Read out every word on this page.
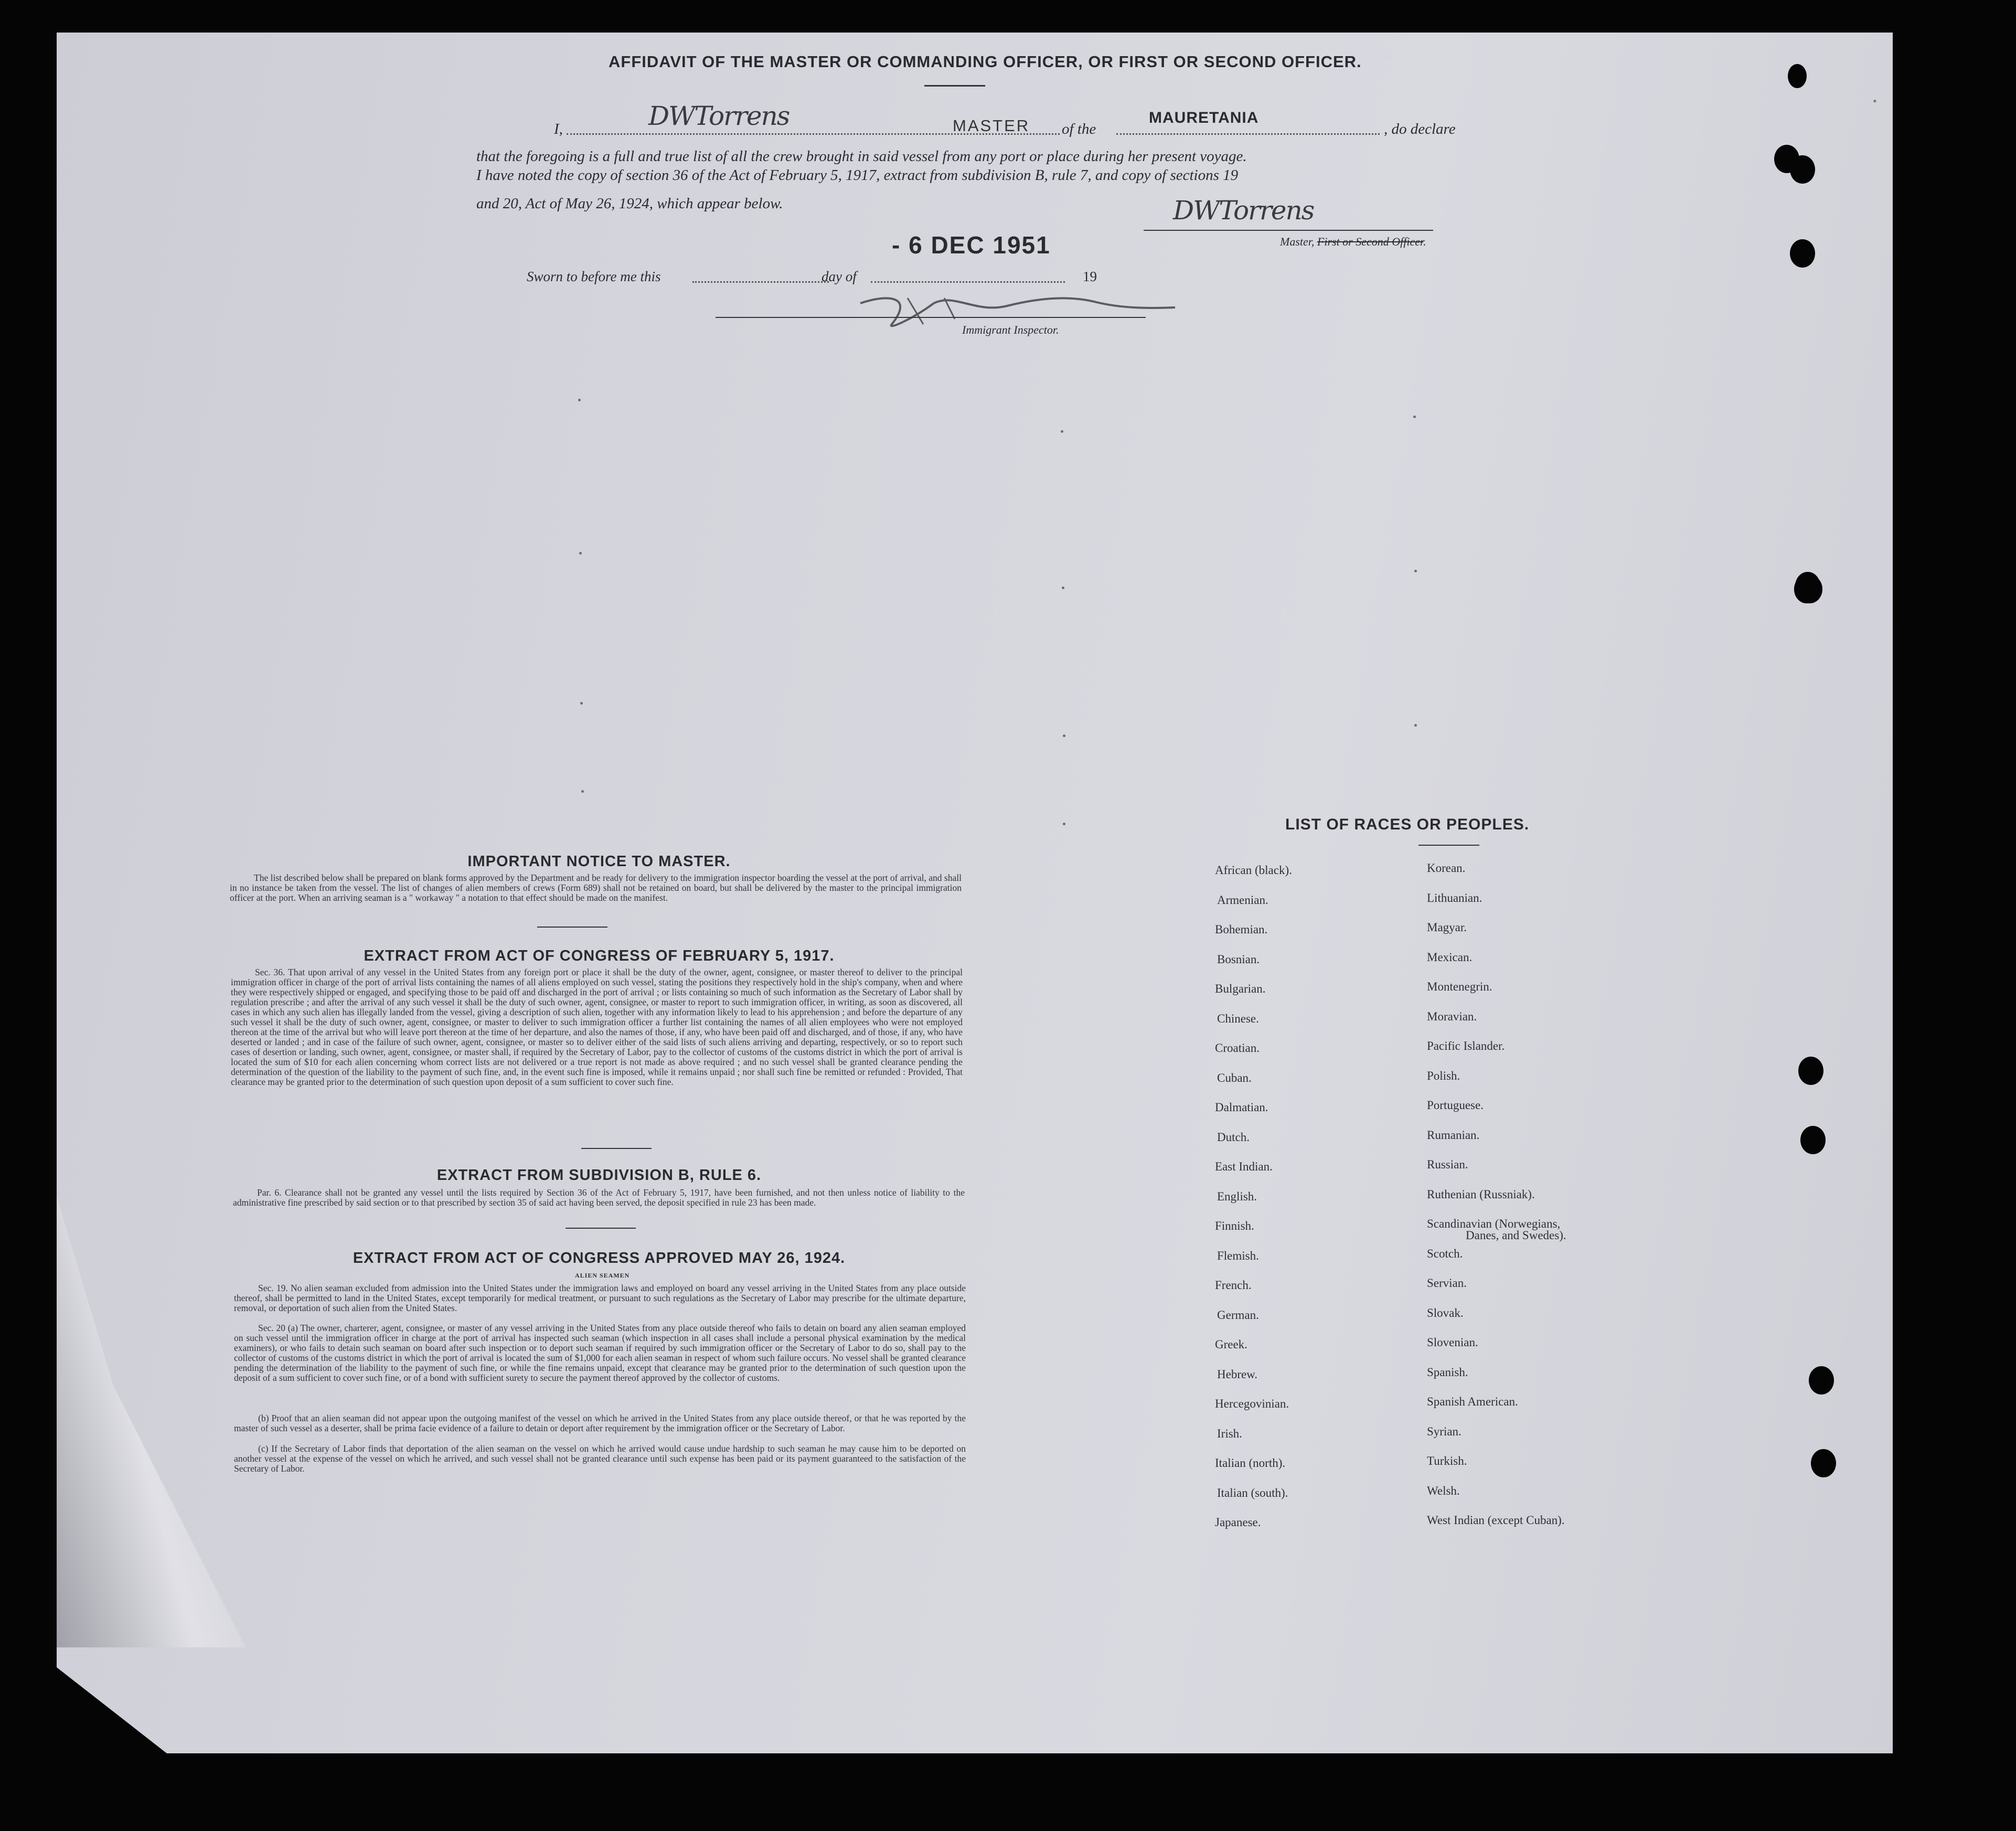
AFFIDAVIT OF THE MASTER OR COMMANDING OFFICER, OR FIRST OR SECOND OFFICER.
I,	DWTorrens	MASTER of the
MAURETANIA
, do declare
that the foregoing is a full and true list of all the crew brought in said vessel from any port or place during her present voyage.
I have noted the copy of section 36 of the Act of February 5, 1917, extract from subdivision B, rule 7, and copy of sections 19
and 20, Act of May 26, 1924, which appear below.	DWTorrens
Master, First or Second Officer.
- 6 DEC 1951
Sworn to before me this	day of	19
Immigrant Inspector.
IMPORTANT NOTICE TO MASTER.
The list described below shall be prepared on blank forms approved by the Department and be ready for delivery to the immigration inspector boarding the vessel at the port of arrival, and shall in no instance be taken from the vessel. The list of changes of alien members of crews (Form 689) shall not be retained on board, but shall be delivered by the master to the principal immigration officer at the port. When an arriving seaman is a " workaway " a notation to that effect should be made on the manifest.
EXTRACT FROM ACT OF CONGRESS OF FEBRUARY 5, 1917.
Sec. 36. That upon arrival of any vessel in the United States from any foreign port or place it shall be the duty of the owner, agent, consignee, or master thereof to deliver to the principal immigration officer in charge of the port of arrival lists containing the names of all aliens employed on such vessel, stating the positions they respectively hold in the ship's company, when and where they were respectively shipped or engaged, and specifying those to be paid off and discharged in the port of arrival ; or lists containing so much of such information as the Secretary of Labor shall by regulation prescribe ; and after the arrival of any such vessel it shall be the duty of such owner, agent, consignee, or master to report to such immigration officer, in writing, as soon as discovered, all cases in which any such alien has illegally landed from the vessel, giving a description of such alien, together with any information likely to lead to his apprehension ; and before the departure of any such vessel it shall be the duty of such owner, agent, consignee, or master to deliver to such immigration officer a further list containing the names of all alien employees who were not employed thereon at the time of the arrival but who will leave port thereon at the time of her departure, and also the names of those, if any, who have been paid off and discharged, and of those, if any, who have deserted or landed ; and in case of the failure of such owner, agent, consignee, or master so to deliver either of the said lists of such aliens arriving and departing, respectively, or so to report such cases of desertion or landing, such owner, agent, consignee, or master shall, if required by the Secretary of Labor, pay to the collector of customs of the customs district in which the port of arrival is located the sum of $10 for each alien concerning whom correct lists are not delivered or a true report is not made as above required ; and no such vessel shall be granted clearance pending the determination of the question of the liability to the payment of such fine, and, in the event such fine is imposed, while it remains unpaid ; nor shall such fine be remitted or refunded : Provided, That clearance may be granted prior to the determination of such question upon deposit of a sum sufficient to cover such fine.
EXTRACT FROM SUBDIVISION B, RULE 6.
Par. 6. Clearance shall not be granted any vessel until the lists required by Section 36 of the Act of February 5, 1917, have been furnished, and not then unless notice of liability to the administrative fine prescribed by said section or to that prescribed by section 35 of said act having been served, the deposit specified in rule 23 has been made.
EXTRACT FROM ACT OF CONGRESS APPROVED MAY 26, 1924.
ALIEN SEAMEN
Sec. 19. No alien seaman excluded from admission into the United States under the immigration laws and employed on board any vessel arriving in the United States from any place outside thereof, shall be permitted to land in the United States, except temporarily for medical treatment, or pursuant to such regulations as the Secretary of Labor may prescribe for the ultimate departure, removal, or deportation of such alien from the United States.
Sec. 20 (a) The owner, charterer, agent, consignee, or master of any vessel arriving in the United States from any place outside thereof who fails to detain on board any alien seaman employed on such vessel until the immigration officer in charge at the port of arrival has inspected such seaman (which inspection in all cases shall include a personal physical examination by the medical examiners), or who fails to detain such seaman on board after such inspection or to deport such seaman if required by such immigration officer or the Secretary of Labor to do so, shall pay to the collector of customs of the customs district in which the port of arrival is located the sum of $1,000 for each alien seaman in respect of whom such failure occurs. No vessel shall be granted clearance pending the determination of the liability to the payment of such fine, or while the fine remains unpaid, except that clearance may be granted prior to the determination of such question upon the deposit of a sum sufficient to cover such fine, or of a bond with sufficient surety to secure the payment thereof approved by the collector of customs.
(b) Proof that an alien seaman did not appear upon the outgoing manifest of the vessel on which he arrived in the United States from any place outside thereof, or that he was reported by the master of such vessel as a deserter, shall be prima facie evidence of a failure to detain or deport after requirement by the immigration officer or the Secretary of Labor.
(c) If the Secretary of Labor finds that deportation of the alien seaman on the vessel on which he arrived would cause undue hardship to such seaman he may cause him to be deported on another vessel at the expense of the vessel on which he arrived, and such vessel shall not be granted clearance until such expense has been paid or its payment guaranteed to the satisfaction of the Secretary of Labor.
LIST OF RACES OR PEOPLES.
African (black).
Armenian.
Bohemian.
Bosnian.
Bulgarian.
Chinese.
Croatian.
Cuban.
Dalmatian.
Dutch.
East Indian.
English.
Finnish.
Flemish.
French.
German.
Greek.
Hebrew.
Hercegovinian.
Irish.
Italian (north).
Italian (south).
Japanese.
Korean.
Lithuanian.
Magyar.
Mexican.
Montenegrin.
Moravian.
Pacific Islander.
Polish.
Portuguese.
Rumanian.
Russian.
Ruthenian (Russniak).
Scandinavian (Norwegians,
Scotch.
Servian.
Slovak.
Slovenian.
Spanish.
Spanish American.
Syrian.
Turkish.
Welsh.
West Indian (except Cuban).
Danes, and Swedes).
•
